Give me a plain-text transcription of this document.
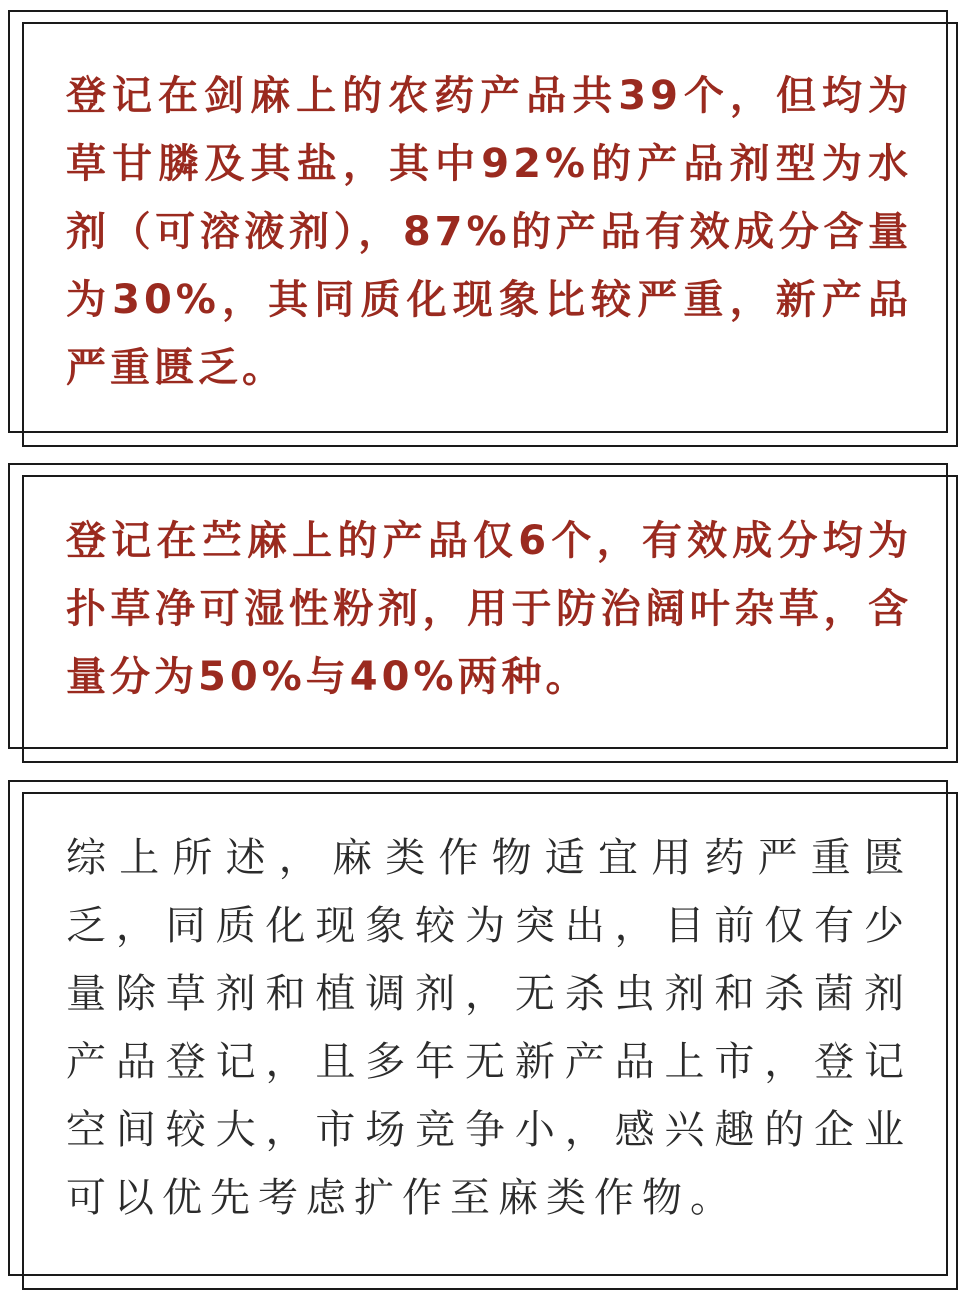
登记在剑麻上的农药产品共39个，但均为草甘膦及其盐，其中92%的产品剂型为水剂（可溶液剂），87%的产品有效成分含量为30%，其同质化现象比较严重，新产品严重匮乏。

登记在苎麻上的产品仅6个，有效成分均为扑草净可湿性粉剂，用于防治阔叶杂草，含量分为50%与40%两种。

综上所述，麻类作物适宜用药严重匮乏，同质化现象较为突出，目前仅有少量除草剂和植调剂，无杀虫剂和杀菌剂产品登记，且多年无新产品上市，登记空间较大，市场竞争小，感兴趣的企业可以优先考虑扩作至麻类作物。
